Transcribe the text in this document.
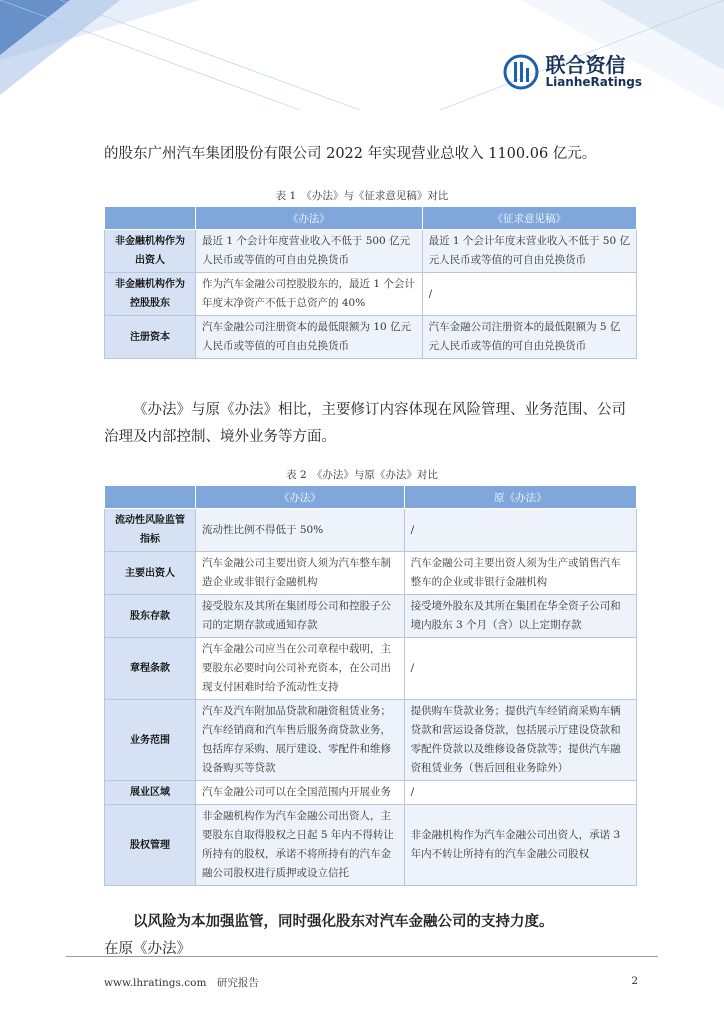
联合资信
LianheRatings
的股东广州汽车集团股份有限公司 2022 年实现营业总收入 1100.06 亿元。
表 1　《办法》与《征求意见稿》对比
	《办法》	《征求意见稿》
非金融机构作为出资人	最近 1 个会计年度营业收入不低于 500 亿元人民币或等值的可自由兑换货币	最近 1 个会计年度末营业收入不低于 50 亿元人民币或等值的可自由兑换货币
非金融机构作为控股股东	作为汽车金融公司控股股东的，最近 1 个会计年度末净资产不低于总资产的 40%	/
注册资本	汽车金融公司注册资本的最低限额为 10 亿元人民币或等值的可自由兑换货币	汽车金融公司注册资本的最低限额为 5 亿元人民币或等值的可自由兑换货币
《办法》与原《办法》相比，主要修订内容体现在风险管理、业务范围、公司治理及内部控制、境外业务等方面。
表 2　《办法》与原《办法》对比
	《办法》	原《办法》
流动性风险监管指标	流动性比例不得低于 50%	/
主要出资人	汽车金融公司主要出资人须为汽车整车制造企业或非银行金融机构	汽车金融公司主要出资人须为生产或销售汽车整车的企业或非银行金融机构
股东存款	接受股东及其所在集团母公司和控股子公司的定期存款或通知存款	接受境外股东及其所在集团在华全资子公司和境内股东 3 个月（含）以上定期存款
章程条款	汽车金融公司应当在公司章程中载明，主要股东必要时向公司补充资本，在公司出现支付困难时给予流动性支持	/
业务范围	汽车及汽车附加品贷款和融资租赁业务；汽车经销商和汽车售后服务商贷款业务，包括库存采购、展厅建设、零配件和维修设备购买等贷款	提供购车贷款业务；提供汽车经销商采购车辆贷款和营运设备贷款，包括展示厅建设贷款和零配件贷款以及维修设备贷款等；提供汽车融资租赁业务（售后回租业务除外）
展业区域	汽车金融公司可以在全国范围内开展业务	/
股权管理	非金融机构作为汽车金融公司出资人，主要股东自取得股权之日起 5 年内不得转让所持有的股权，承诺不将所持有的汽车金融公司股权进行质押或设立信托	非金融机构作为汽车金融公司出资人，承诺 3 年内不转让所持有的汽车金融公司股权
以风险为本加强监管，同时强化股东对汽车金融公司的支持力度。在原《办法》
www.lhratings.com　研究报告	2
